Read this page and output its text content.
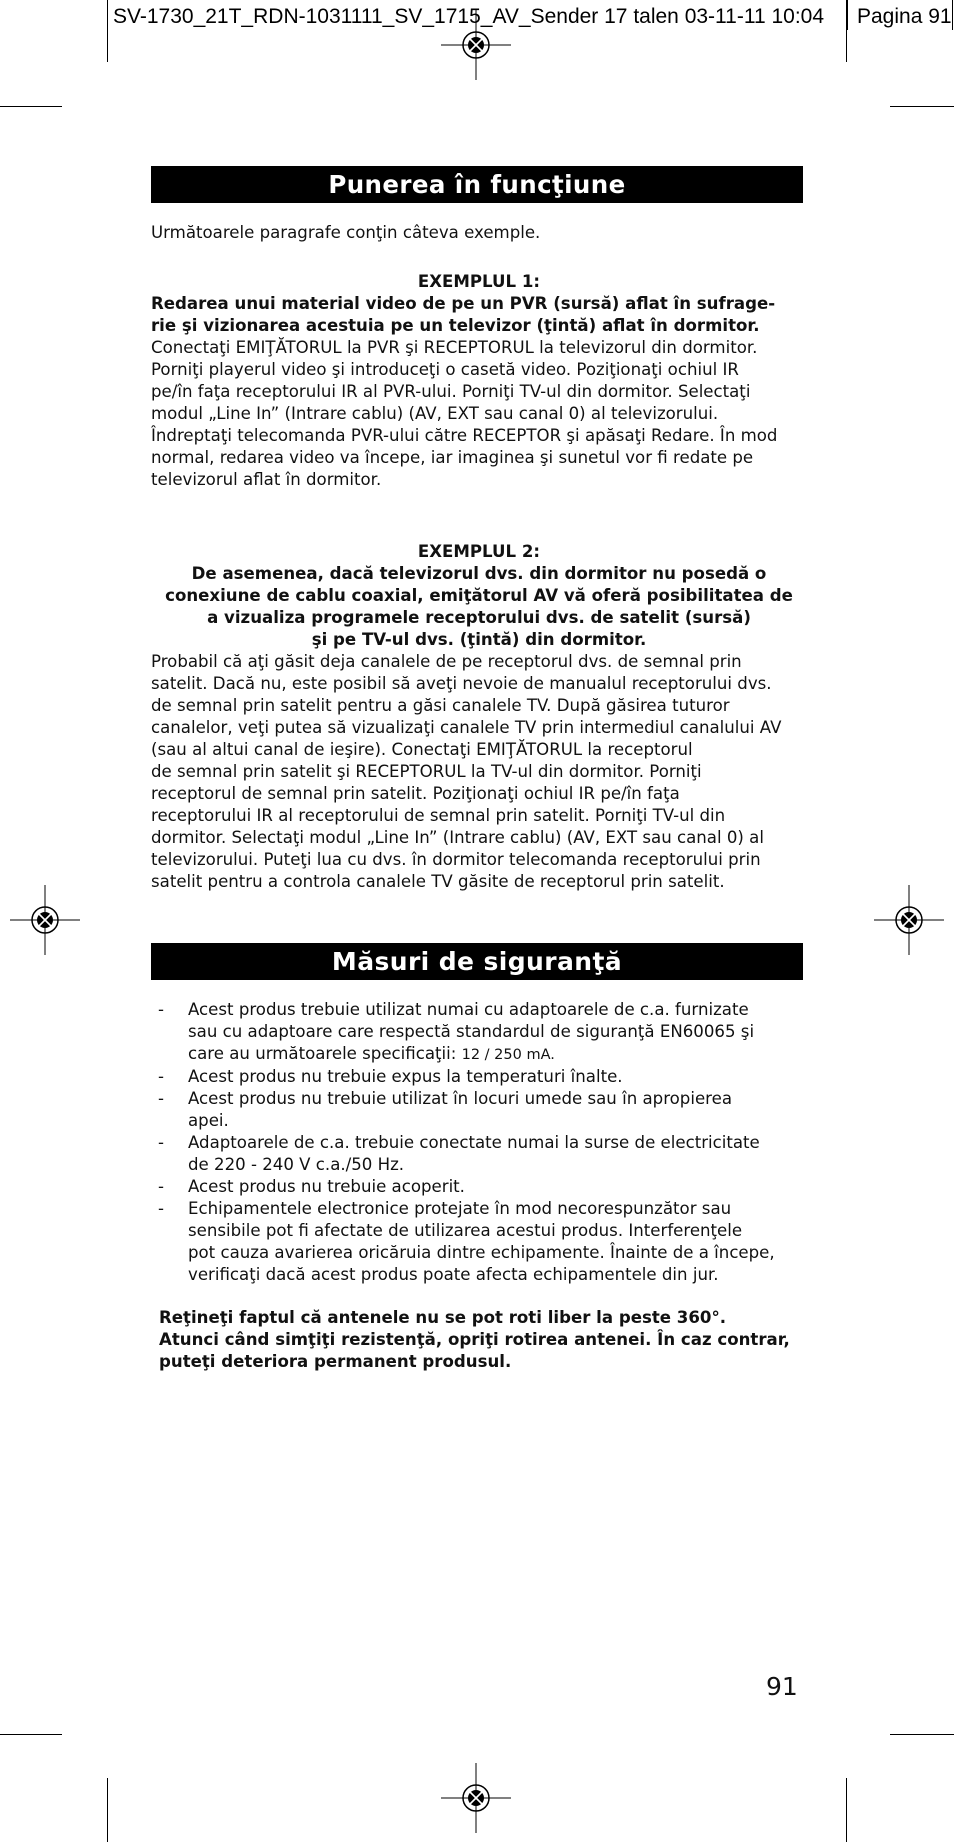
SV-1730_21T_RDN-1031111_SV_1715_AV_Sender 17 talen 03-11-11 10:04 Pagina 91
Punerea în funcţiune
Următoarele paragrafe conţin câteva exemple.
EXEMPLUL 1:
Redarea unui material video de pe un PVR (sursă) aflat în sufrage-
rie şi vizionarea acestuia pe un televizor (ţintă) aflat în dormitor.
Conectaţi EMIŢĂTORUL la PVR şi RECEPTORUL la televizorul din dormitor.
Porniţi playerul video şi introduceţi o casetă video. Poziţionaţi ochiul IR
pe/în faţa receptorului IR al PVR-ului. Porniţi TV-ul din dormitor. Selectaţi
modul „Line In” (Intrare cablu) (AV, EXT sau canal 0) al televizorului.
Îndreptaţi telecomanda PVR-ului către RECEPTOR şi apăsaţi Redare. În mod
normal, redarea video va începe, iar imaginea şi sunetul vor fi redate pe
televizorul aflat în dormitor.
EXEMPLUL 2:
De asemenea, dacă televizorul dvs. din dormitor nu posedă o
conexiune de cablu coaxial, emiţătorul AV vă oferă posibilitatea de
a vizualiza programele receptorului dvs. de satelit (sursă)
şi pe TV-ul dvs. (ţintă) din dormitor.
Probabil că aţi găsit deja canalele de pe receptorul dvs. de semnal prin
satelit. Dacă nu, este posibil să aveţi nevoie de manualul receptorului dvs.
de semnal prin satelit pentru a găsi canalele TV. După găsirea tuturor
canalelor, veţi putea să vizualizaţi canalele TV prin intermediul canalului AV
(sau al altui canal de ieşire). Conectaţi EMIŢĂTORUL la receptorul
de semnal prin satelit şi RECEPTORUL la TV-ul din dormitor. Porniţi
receptorul de semnal prin satelit. Poziţionaţi ochiul IR pe/în faţa
receptorului IR al receptorului de semnal prin satelit. Porniţi TV-ul din
dormitor. Selectaţi modul „Line In” (Intrare cablu) (AV, EXT sau canal 0) al
televizorului. Puteţi lua cu dvs. în dormitor telecomanda receptorului prin
satelit pentru a controla canalele TV găsite de receptorul prin satelit.
Măsuri de siguranţă
- Acest produs trebuie utilizat numai cu adaptoarele de c.a. furnizate
sau cu adaptoare care respectă standardul de siguranţă EN60065 şi
care au următoarele specificaţii: 12 / 250 mA.
- Acest produs nu trebuie expus la temperaturi înalte.
- Acest produs nu trebuie utilizat în locuri umede sau în apropierea
apei.
- Adaptoarele de c.a. trebuie conectate numai la surse de electricitate
de 220 - 240 V c.a./50 Hz.
- Acest produs nu trebuie acoperit.
- Echipamentele electronice protejate în mod necorespunzător sau
sensibile pot fi afectate de utilizarea acestui produs. Interferenţele
pot cauza avarierea oricăruia dintre echipamente. Înainte de a începe,
verificaţi dacă acest produs poate afecta echipamentele din jur.
Reţineţi faptul că antenele nu se pot roti liber la peste 360°.
Atunci când simţiţi rezistenţă, opriţi rotirea antenei. În caz contrar,
puteţi deteriora permanent produsul.
91
